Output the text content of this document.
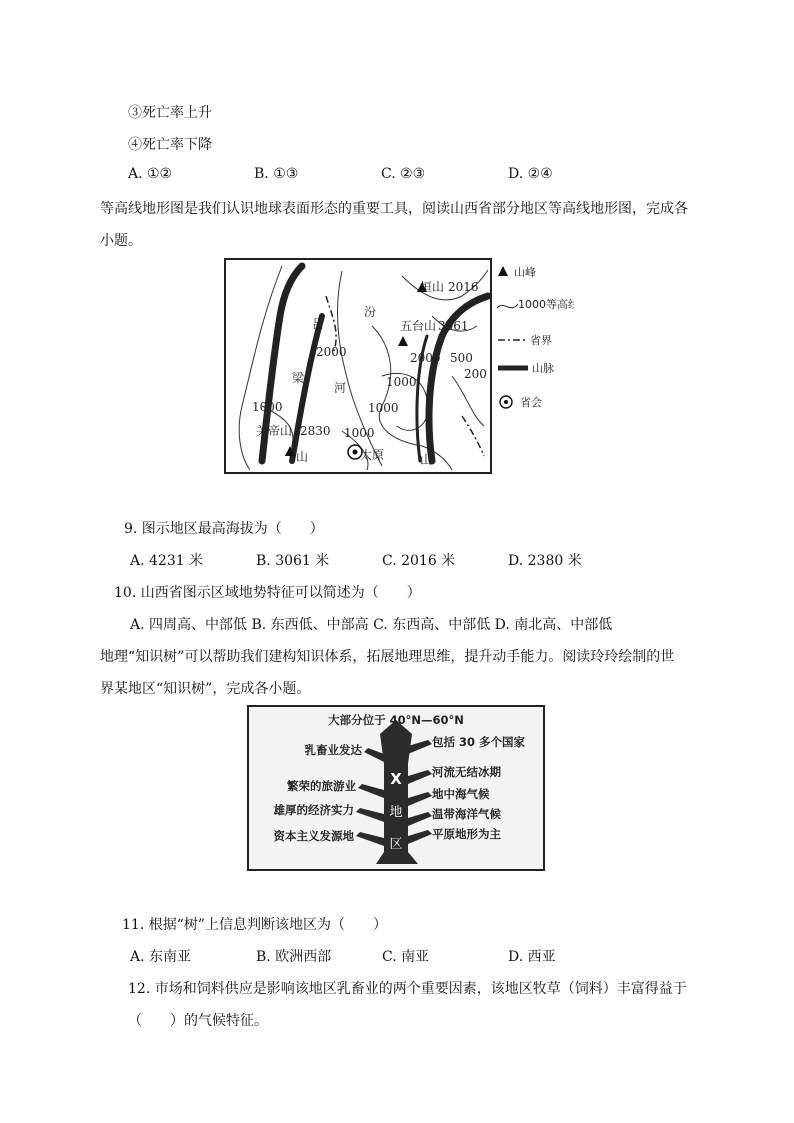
③死亡率上升
④死亡率下降
A. ①②	B. ①③	C. ②③	D. ②④
等高线地形图是我们认识地球表面形态的重要工具，阅读山西省部分地区等高线地形图，完成各
小题。
恒山 2016
五台山 3061
关帝山 2830
吕
梁
山
汾
河
太原
2000
1000	1000
1000
2000 500
200
1000
山
山峰
1000等高线
省界
山脉
省会
9. 图示地区最高海拔为（　　）
A. 4231 米	B. 3061 米	C. 2016 米	D. 2380 米
10. 山西省图示区域地势特征可以简述为（　　）
A. 四周高、中部低 B. 东西低、中部高 C. 东西高、中部低 D. 南北高、中部低
地理“知识树”可以帮助我们建构知识体系，拓展地理思维，提升动手能力。阅读玲玲绘制的世
界某地区“知识树”，完成各小题。
X
地
区
大部分位于 40°N—60°N
乳畜业发达
繁荣的旅游业
雄厚的经济实力
资本主义发源地
包括 30 多个国家
河流无结冰期
地中海气候
温带海洋气候
平原地形为主
11. 根据“树”上信息判断该地区为（　　）
A. 东南亚	B. 欧洲西部	C. 南亚	D. 西亚
12. 市场和饲料供应是影响该地区乳畜业的两个重要因素，该地区牧草（饲料）丰富得益于
（　　）的气候特征。
